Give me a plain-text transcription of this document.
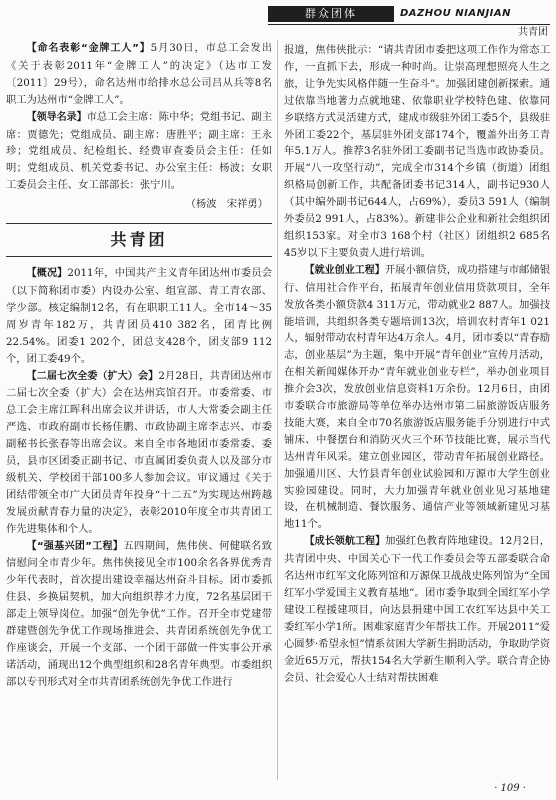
群众团体	DAZHOU NIANJIAN
共青团

【命名表彰“金牌工人”】5月30日，市总工会发出《关于表彰2011年“金牌工人”的决定》（达市工发〔2011〕29号），命名达州市给排水总公司吕从兵等8名职工为达州市“金牌工人”。

【领导名录】市总工会主席：陈中华；党组书记、副主席：贾德先；党组成员、副主席：唐胜平；副主席：王永珍；党组成员、纪检组长、经费审查委员会主任：任如明；党组成员、机关党委书记、办公室主任：杨波；女职工委员会主任、女工部部长：张宁川。

（杨波　宋祥勇）

共青团

【概况】2011年，中国共产主义青年团达州市委员会（以下简称团市委）内设办公室、组宣部、青工青农部、学少部。核定编制12名，有在职职工11人。全市14～35周岁青年182万，共青团员410 382名，团青比例22.54%。团委1 202个，团总支428个，团支部9 112个，团工委49个。

【二届七次全委（扩大）会】2月28日，共青团达州市二届七次全委（扩大）会在达州宾馆召开。市委常委、市总工会主席江晖科出席会议并讲话，市人大常委会副主任严选、市政府副市长杨佳鹏、市政协副主席李志兴、市委副秘书长张春等出席会议。来自全市各地团市委常委、委员，县市区团委正副书记、市直属团委负责人以及部分市级机关、学校团干部100多人参加会议。审议通过《关于团结带领全市广大团员青年投身“十二五”为实现达州跨越发展贡献青春力量的决定》，表彰2010年度全市共青团工作先进集体和个人。

【“强基兴团”工程】五四期间，焦伟侠、何健联名致信慰问全市青少年。焦伟侠接见全市100余名各界优秀青少年代表时，首次提出建设幸福达州奋斗目标。团市委抓住县、乡换届契机，加大向组织荐才力度，72名基层团干部走上领导岗位。加强“创先争优”工作。召开全市党建带群建暨创先争优工作现场推进会、共青团系统创先争优工作座谈会，开展一个支部、一个团干部做一件实事公开承诺活动，涌现出12个典型组织和28名青年典型。市委组织部以专刊形式对全市共青团系统创先争优工作进行

报道，焦伟侠批示：“请共青团市委把这项工作作为常态工作，一直抓下去，形成一种时尚。让崇高理想照亮人生之旅，让争先实风格伴随一生奋斗”。加强团建创新探索。通过依靠当地著力点就地建、依靠职业学校特色建、依靠同乡联络方式灵活建方式，建成市级驻外团工委5个，县级驻外团工委22个，基层驻外团支部174个，覆盖外出务工青年5.1万人。推荐3名驻外团工委副书记当选市政协委员。开展“八一攻坚行动”，完成全市314个乡镇（街道）团组织格局创新工作，共配备团委书记314人，副书记930人（其中编外副书记644人，占69%），委员3 591人（编制外委员2 991人，占83%）。新建非公企业和新社会组织团组织153家。对全市3 168个村（社区）团组织2 685名45岁以下主要负责人进行培训。

【就业创业工程】开展小额信贷，成功搭建与市邮储银行、信用社合作平台，拓展青年创业信用贷款项目，全年发放各类小额贷款4 311万元，带动就业2 887人。加强技能培训，共组织各类专题培训13次，培训农村青年1 021人，辐射带动农村青年达4万余人。4月，团市委以“青春励志，创业基层”为主题，集中开展“青年创业”宣传月活动，在相关新闻媒体开办“青年就业创业专栏”，举办创业项目推介会3次，发放创业信息资料1万余份。12月6日，由团市委联合市旅游局等单位举办达州市第二届旅游饭店服务技能大赛，来自全市70名旅游饭店服务能手分别进行中式铺床、中餐摆台和消防灭火三个环节技能比赛，展示当代达州青年风采。建立创业园区，带动青年拓展创业路径。加强通川区、大竹县青年创业试验园和万源市大学生创业实验园建设。同时，大力加强青年就业创业见习基地建设，在机械制造、餐饮服务、通信产业等领域新建见习基地11个。

【成长领航工程】加强红色教育阵地建设。12月2日，共青团中央、中国关心下一代工作委员会等五部委联合命名达州市红军文化陈列馆和万源保卫战战史陈列馆为“全国红军小学爱国主义教育基地”。团市委争取到全国红军小学建设工程援建项目，向达县捐建中国工农红军达县中关工委红军小学1所。困难家庭青少年帮扶工作。开展2011“爱心圆梦·希望永恒”情系贫困大学新生捐助活动，争取助学资金近65万元，帮扶154名大学新生顺利入学。联合青企协会员、社会爱心人士结对帮扶困难

· 109 ·
